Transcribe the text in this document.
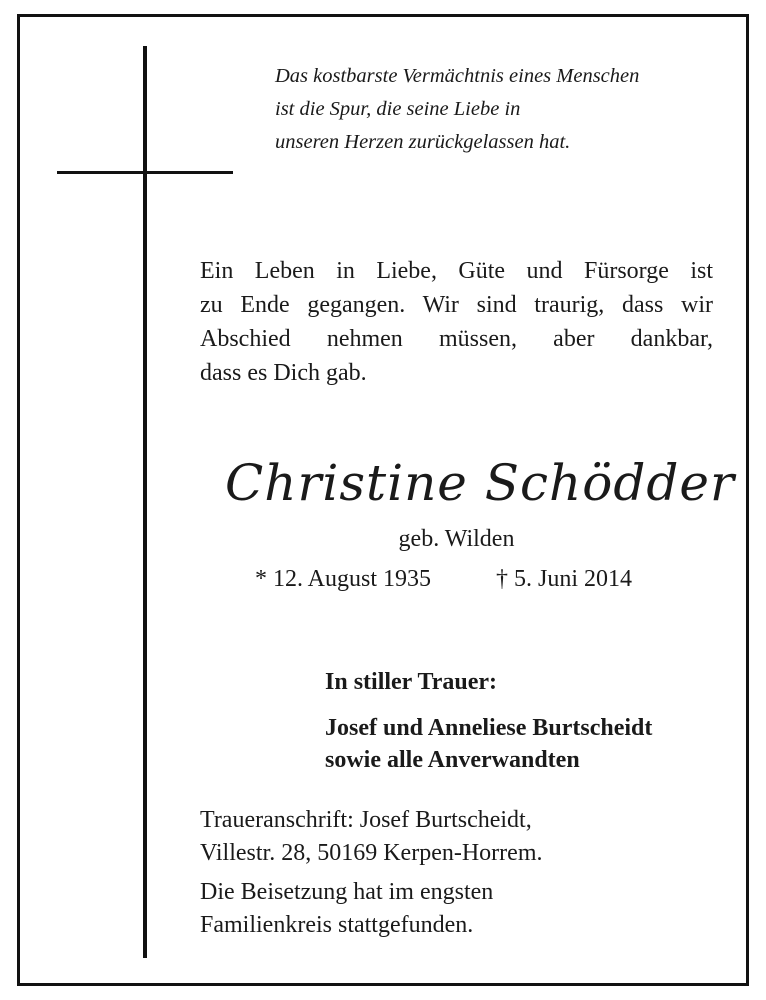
Das kostbarste Vermächtnis eines Menschen
ist die Spur, die seine Liebe in
unseren Herzen zurückgelassen hat.
Ein Leben in Liebe, Güte und Fürsorge ist
zu Ende gegangen. Wir sind traurig, dass wir
Abschied nehmen müssen, aber dankbar,
dass es Dich gab.
Christine Schödder
geb. Wilden
* 12. August 1935	† 5. Juni 2014
In stiller Trauer:
Josef und Anneliese Burtscheidt
sowie alle Anverwandten
Traueranschrift: Josef Burtscheidt,
Villestr. 28, 50169 Kerpen-Horrem.
Die Beisetzung hat im engsten
Familienkreis stattgefunden.
